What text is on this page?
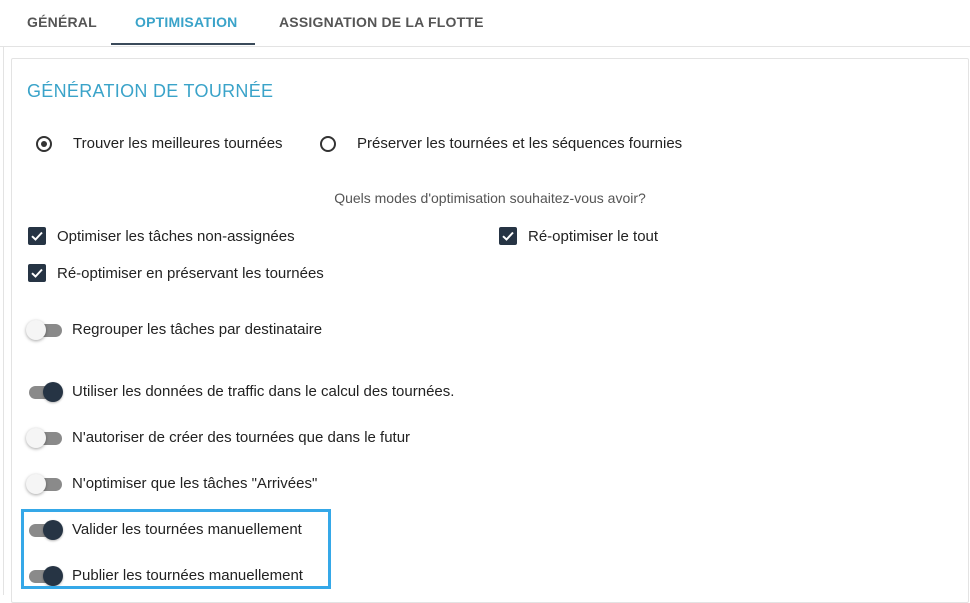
GÉNÉRAL	OPTIMISATION	ASSIGNATION DE LA FLOTTE
GÉNÉRATION DE TOURNÉE
Trouver les meilleures tournées	Préserver les tournées et les séquences fournies
Quels modes d'optimisation souhaitez-vous avoir?
Optimiser les tâches non-assignées	Ré-optimiser le tout
Ré-optimiser en préservant les tournées
Regrouper les tâches par destinataire
Utiliser les données de traffic dans le calcul des tournées.
N'autoriser de créer des tournées que dans le futur
N'optimiser que les tâches "Arrivées"
Valider les tournées manuellement
Publier les tournées manuellement
